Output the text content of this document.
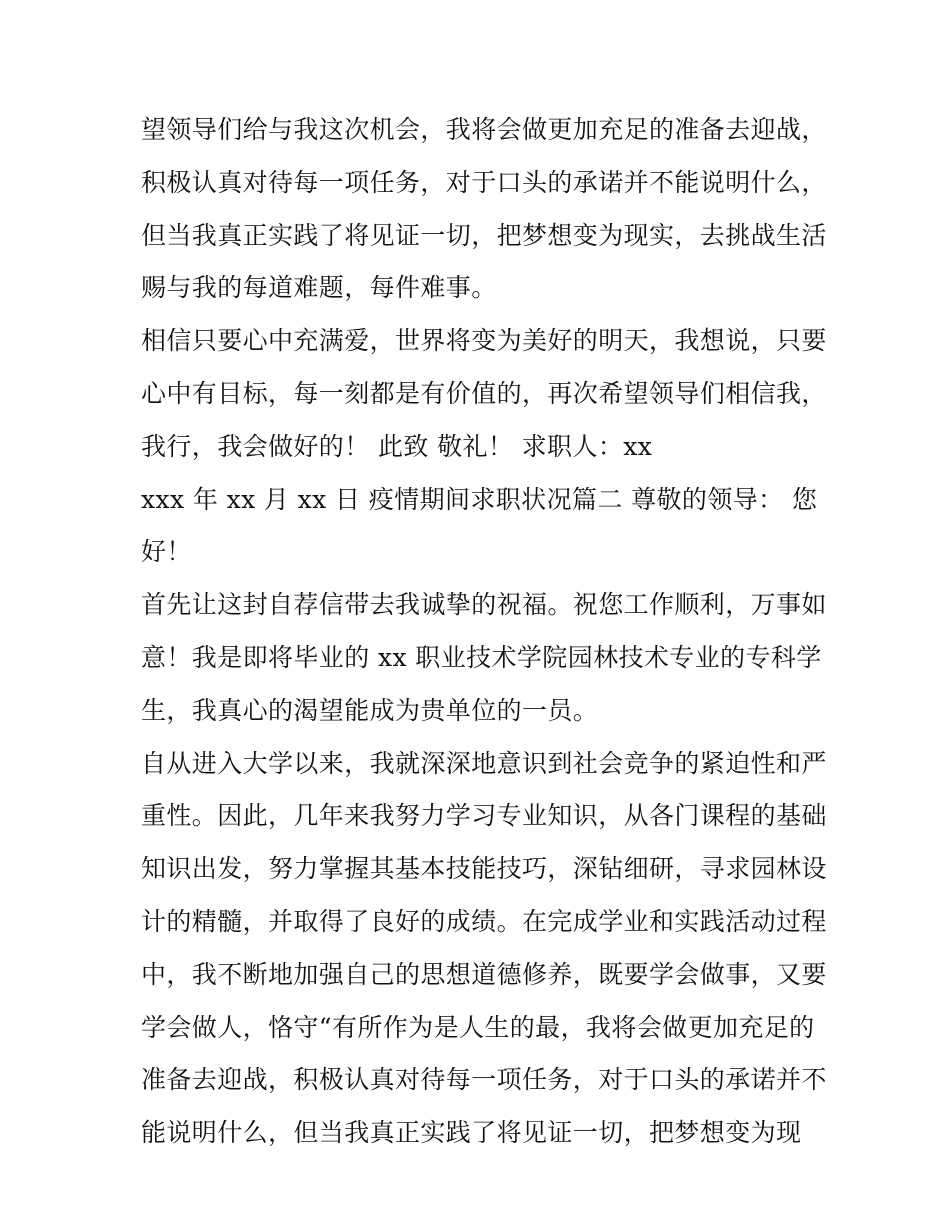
望领导们给与我这次机会，我将会做更加充足的准备去迎战，
积极认真对待每一项任务，对于口头的承诺并不能说明什么，
但当我真正实践了将见证一切，把梦想变为现实，去挑战生活
赐与我的每道难题，每件难事。
相信只要心中充满爱，世界将变为美好的明天，我想说，只要
心中有目标，每一刻都是有价值的，再次希望领导们相信我，
我行，我会做好的！ 此致 敬礼！ 求职人：xx
xxx 年 xx 月 xx 日 疫情期间求职状况篇二 尊敬的领导： 您
好！
首先让这封自荐信带去我诚挚的祝福。祝您工作顺利，万事如
意！我是即将毕业的 xx 职业技术学院园林技术专业的专科学
生，我真心的渴望能成为贵单位的一员。
自从进入大学以来，我就深深地意识到社会竞争的紧迫性和严
重性。因此，几年来我努力学习专业知识，从各门课程的基础
知识出发，努力掌握其基本技能技巧，深钻细研，寻求园林设
计的精髓，并取得了良好的成绩。在完成学业和实践活动过程
中，我不断地加强自己的思想道德修养，既要学会做事，又要
学会做人，恪守“有所作为是人生的最，我将会做更加充足的
准备去迎战，积极认真对待每一项任务，对于口头的承诺并不
能说明什么，但当我真正实践了将见证一切，把梦想变为现
